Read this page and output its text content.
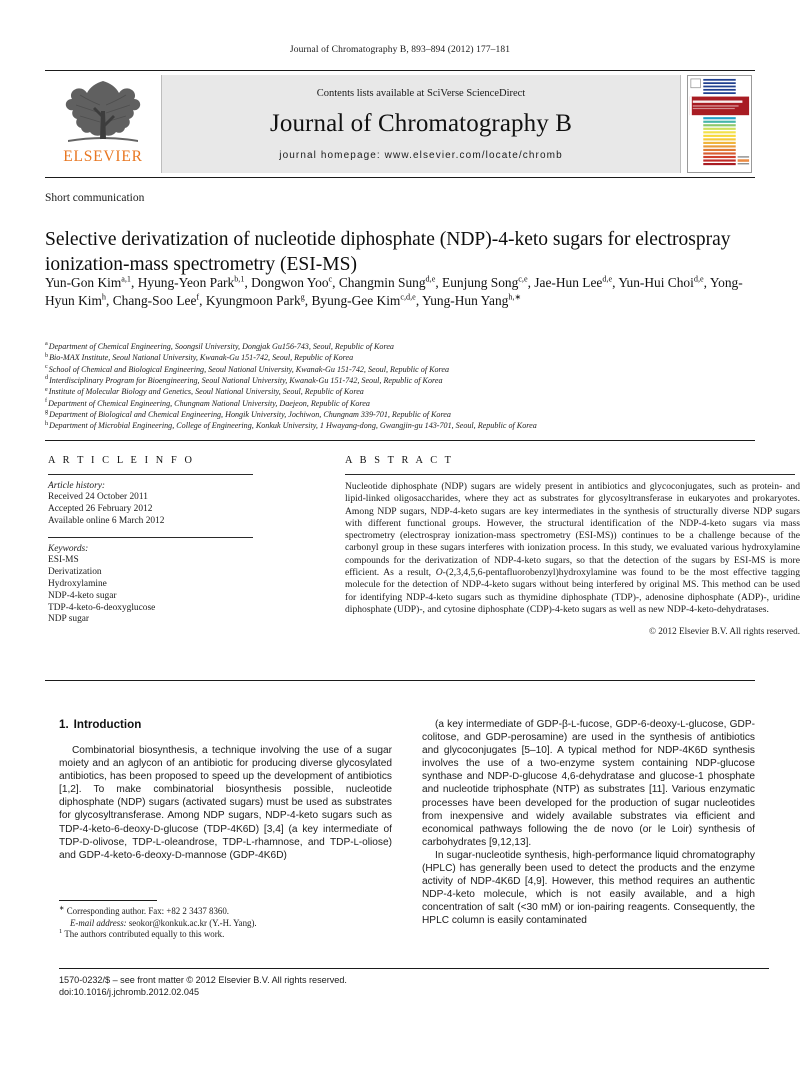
Journal of Chromatography B, 893–894 (2012) 177–181
ELSEVIER
Contents lists available at SciVerse ScienceDirect
Journal of Chromatography B
journal homepage: www.elsevier.com/locate/chromb
Short communication
Selective derivatization of nucleotide diphosphate (NDP)-4-keto sugars for electrospray ionization-mass spectrometry (ESI-MS)
Yun-Gon Kim$^{a,1}$, Hyung-Yeon Park$^{b,1}$, Dongwon Yoo$^c$, Changmin Sung$^{d,e}$, Eunjung Song$^{c,e}$, Jae-Hun Lee$^{d,e}$, Yun-Hui Choi$^{d,e}$, Yong-Hyun Kim$^h$, Chang-Soo Lee$^f$, Kyungmoon Park$^g$, Byung-Gee Kim$^{c,d,e}$, Yung-Hun Yang$^{h,∗}$
$^a$Department of Chemical Engineering, Soongsil University, Dongjak Gu156-743, Seoul, Republic of Korea
$^b$Bio-MAX Institute, Seoul National University, Kwanak-Gu 151-742, Seoul, Republic of Korea
$^c$School of Chemical and Biological Engineering, Seoul National University, Kwanak-Gu 151-742, Seoul, Republic of Korea
$^d$Interdisciplinary Program for Bioengineering, Seoul National University, Kwanak-Gu 151-742, Seoul, Republic of Korea
$^e$Institute of Molecular Biology and Genetics, Seoul National University, Seoul, Republic of Korea
$^f$Department of Chemical Engineering, Chungnam National University, Daejeon, Republic of Korea
$^g$Department of Biological and Chemical Engineering, Hongik University, Jochiwon, Chungnam 339-701, Republic of Korea
$^h$Department of Microbial Engineering, College of Engineering, Konkuk University, 1 Hwayang-dong, Gwangjin-gu 143-701, Seoul, Republic of Korea
A R T I C L E I N F O
Article history:
Received 24 October 2011
Accepted 26 February 2012
Available online 6 March 2012
Keywords:
ESI-MS
Derivatization
Hydroxylamine
NDP-4-keto sugar
TDP-4-keto-6-deoxyglucose
NDP sugar
A B S T R A C T
Nucleotide diphosphate (NDP) sugars are widely present in antibiotics and glycoconjugates, such as protein- and lipid-linked oligosaccharides, where they act as substrates for glycosyltransferase in eukaryotes and prokaryotes. Among NDP sugars, NDP-4-keto sugars are key intermediates in the synthesis of structurally diverse NDP sugars with different functional groups. However, the structural identification of the NDP-4-keto sugars via mass spectrometry (electrospray ionization-mass spectrometry (ESI-MS)) continues to be a challenge because of the carbonyl group in these sugars interferes with ionization process. In this study, we evaluated various hydroxylamine compounds for the derivatization of NDP-4-keto sugars, so that the detection of the sugars by ESI-MS is more efficient. As a result, O-(2,3,4,5,6-pentafluorobenzyl)hydroxylamine was found to be the most effective tagging molecule for the detection of NDP-4-keto sugars without being interfered by original MS. This method can be used for identifying NDP-4-keto sugars such as thymidine diphosphate (TDP)-, adenosine diphosphate (ADP)-, uridine diphosphate (UDP)-, and cytosine diphosphate (CDP)-4-keto sugars as well as new NDP-4-keto-dehydratases.
© 2012 Elsevier B.V. All rights reserved.
1. Introduction

Combinatorial biosynthesis, a technique involving the use of a sugar moiety and an aglycon of an antibiotic for producing diverse glycosylated antibiotics, has been proposed to speed up the development of antibiotics [1,2]. To make combinatorial biosynthesis possible, nucleotide diphosphate (NDP) sugars (activated sugars) must be used as substrates for glycosyltransferase. Among NDP sugars, NDP-4-keto sugars such as TDP-4-keto-6-deoxy-D-glucose (TDP-4K6D) [3,4] (a key intermediate of TDP-D-olivose, TDP-L-oleandrose, TDP-L-rhamnose, and TDP-L-oliose) and GDP-4-keto-6-deoxy-D-mannose (GDP-4K6D)

(a key intermediate of GDP-β-L-fucose, GDP-6-deoxy-L-glucose, GDP-colitose, and GDP-perosamine) are used in the synthesis of antibiotics and glycoconjugates [5–10]. A typical method for NDP-4K6D synthesis involves the use of a two-enzyme system containing NDP-glucose synthase and NDP-D-glucose 4,6-dehydratase and glucose-1 phosphate and nucleotide triphosphate (NTP) as substrates [11]. Various enzymatic processes have been developed for the production of sugar nucleotides from inexpensive and widely available substrates via efficient and economical pathways following the de novo (or le Loir) synthesis of carbohydrates [9,12,13].

In sugar-nucleotide synthesis, high-performance liquid chromatography (HPLC) has generally been used to detect the products and the enzyme activity of NDP-4K6D [4,9]. However, this method requires an authentic NDP-4-keto molecule, which is not easily available, and a high concentration of salt (<30 mM) or ion-pairing reagents. Consequently, the HPLC column is easily contaminated

∗ Corresponding author. Fax: +82 2 3437 8360.
E-mail address: seokor@konkuk.ac.kr (Y.-H. Yang).
$^1$ The authors contributed equally to this work.
1570-0232/$ – see front matter © 2012 Elsevier B.V. All rights reserved.
doi:10.1016/j.jchromb.2012.02.045
